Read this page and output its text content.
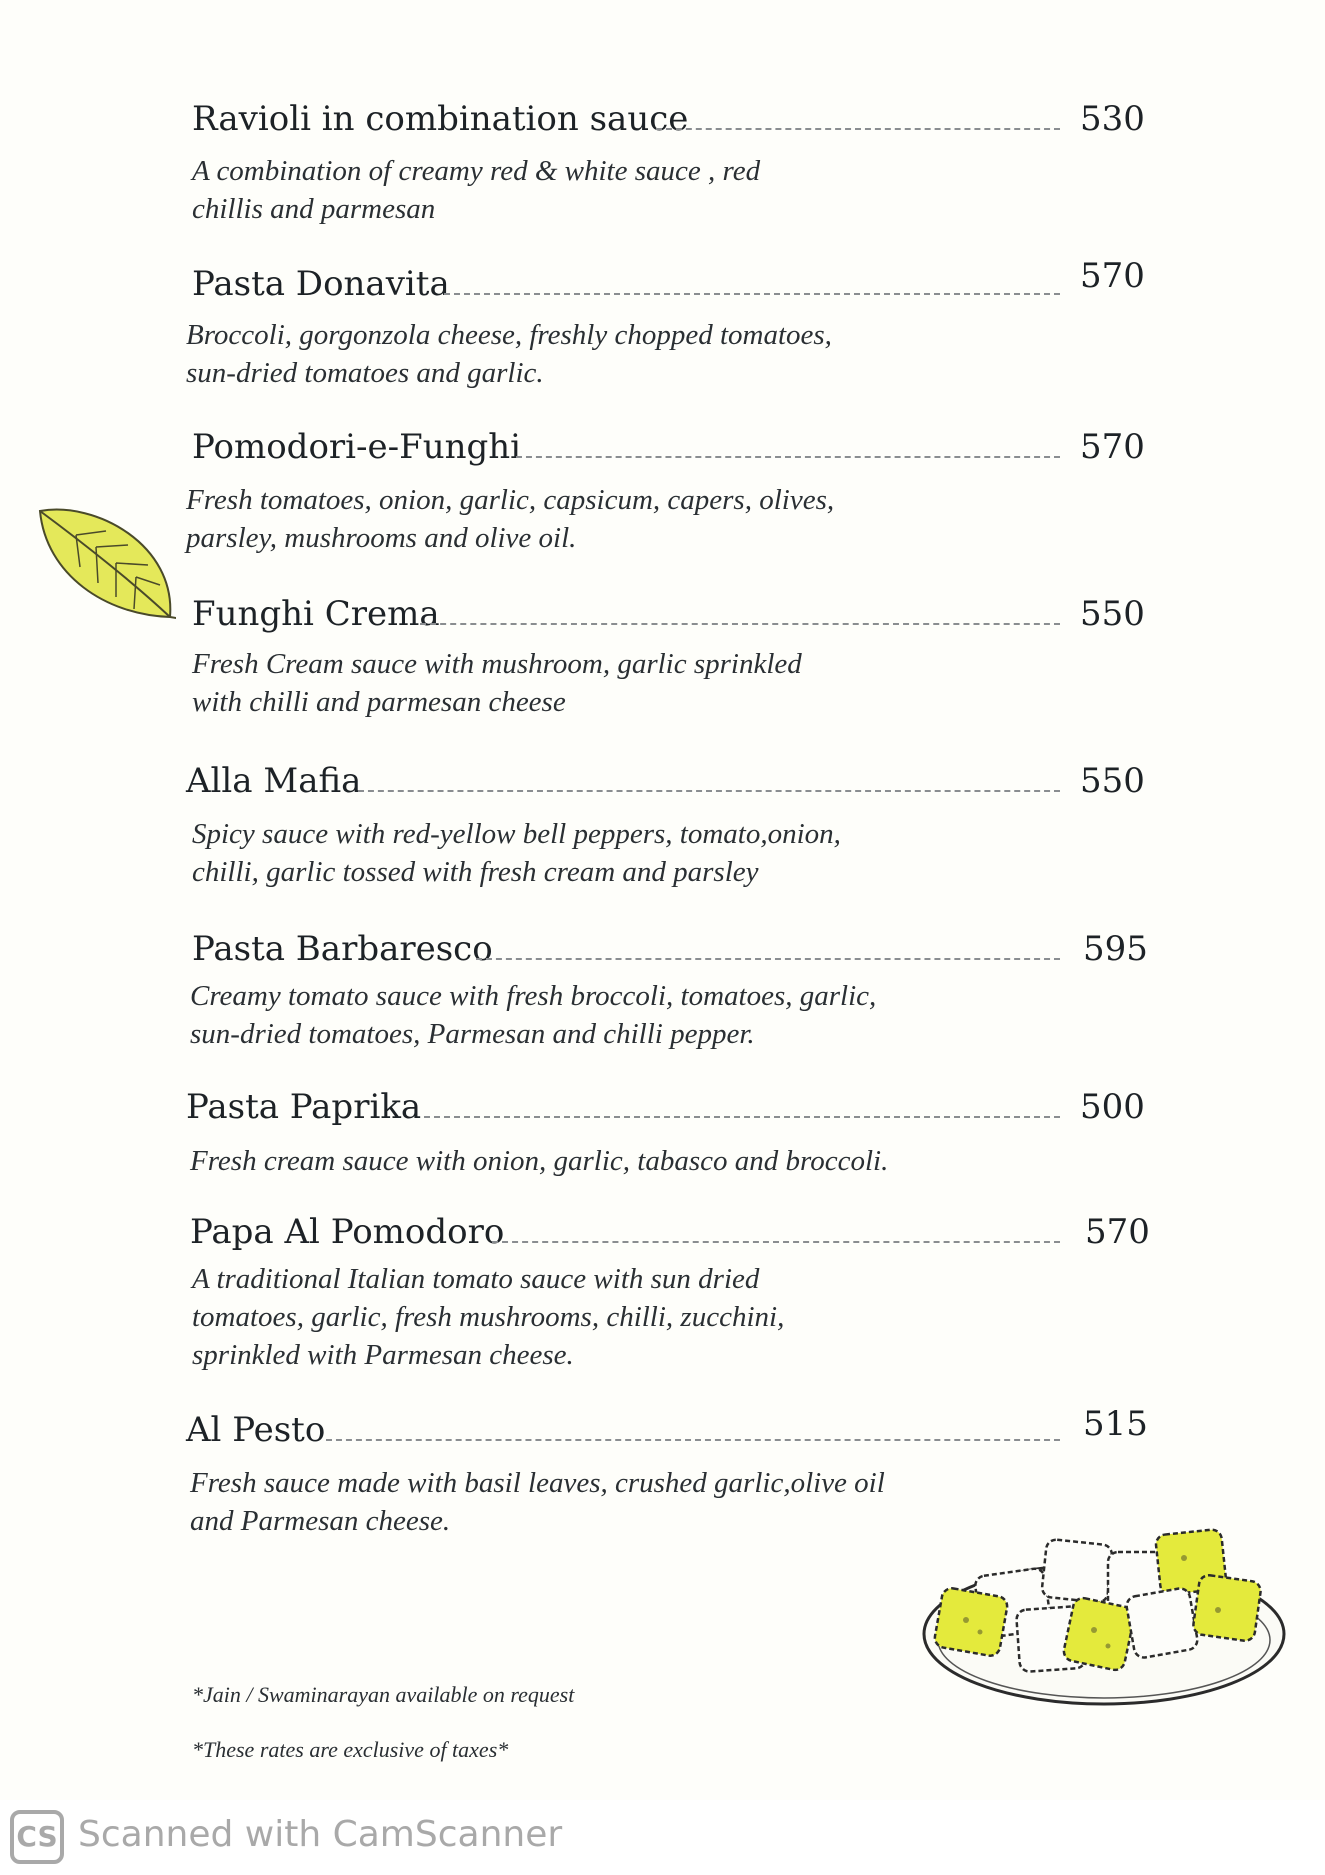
Ravioli in combination sauce	530
A combination of creamy red & white sauce , red
chillis and parmesan
Pasta Donavita	570
Broccoli, gorgonzola cheese, freshly chopped tomatoes,
sun-dried tomatoes and garlic.
Pomodori-e-Funghi	570
Fresh tomatoes, onion, garlic, capsicum, capers, olives,
parsley, mushrooms and olive oil.
Funghi Crema	550
Fresh Cream sauce with mushroom, garlic sprinkled
with chilli and parmesan cheese
Alla Mafia	550
Spicy sauce with red-yellow bell peppers, tomato,onion,
chilli, garlic tossed with fresh cream and parsley
Pasta Barbaresco	595
Creamy tomato sauce with fresh broccoli, tomatoes, garlic,
sun-dried tomatoes, Parmesan and chilli pepper.
Pasta Paprika	500
Fresh cream sauce with onion, garlic, tabasco and broccoli.
Papa Al Pomodoro	570
A traditional Italian tomato sauce with sun dried
tomatoes, garlic, fresh mushrooms, chilli, zucchini,
sprinkled with Parmesan cheese.
Al Pesto	515
Fresh sauce made with basil leaves, crushed garlic,olive oil
and Parmesan cheese.
*Jain / Swaminarayan available on request
*These rates are exclusive of taxes*
CS Scanned with CamScanner
